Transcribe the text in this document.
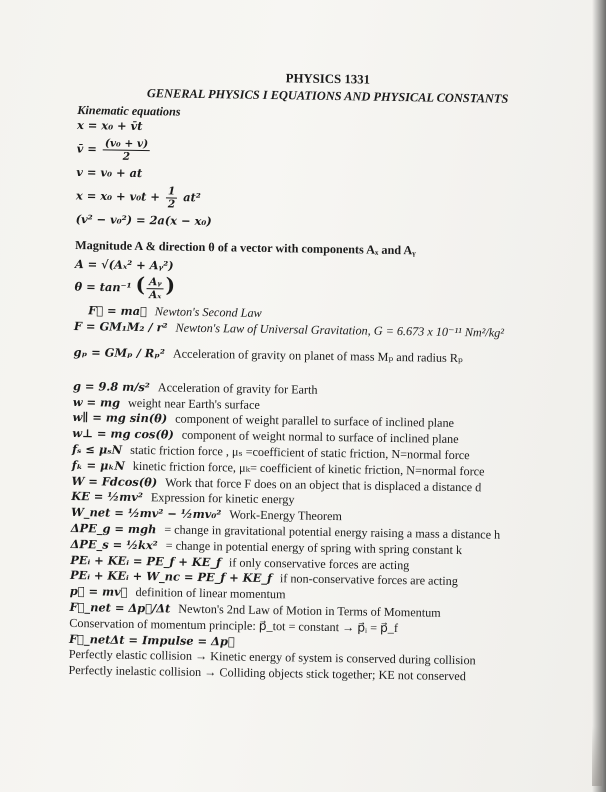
PHYSICS 1331
GENERAL PHYSICS I EQUATIONS AND PHYSICAL CONSTANTS
Kinematic equations
x = x₀ + v̄t
v̄ = $\frac{\text{(v₀ + v)}}{2}$
v = v₀ + at
$x = x_0 + v_0t + \frac{1}{2} at^2$
(v² − v₀²) = 2a(x − x₀)
Magnitude A & direction θ of a vector with components Aₓ and Aᵧ
A = √(Aₓ² + Aᵧ²)
θ = tan⁻¹ ( $\frac{\text{Aᵧ}}{\text{Aₓ}}$ )
F⃗ = ma⃗ Newton's Second Law
F = GM₁M₂ / r² Newton's Law of Universal Gravitation, G = 6.673 x 10⁻¹¹ Nm²/kg²
gₚ = GMₚ / Rₚ² Acceleration of gravity on planet of mass Mₚ and radius Rₚ
g = 9.8 m/s² Acceleration of gravity for Earth
w = mg weight near Earth's surface
w∥ = mg sin(θ) component of weight parallel to surface of inclined plane
w⊥ = mg cos(θ) component of weight normal to surface of inclined plane
fₛ ≤ μₛN static friction force , μₛ =coefficient of static friction, N=normal force
fₖ = μₖN kinetic friction force, μₖ= coefficient of kinetic friction, N=normal force
W = Fdcos(θ) Work that force F does on an object that is displaced a distance d
KE = ½mv² Expression for kinetic energy
W_net = ½mv² − ½mv₀² Work-Energy Theorem
ΔPE_g = mgh = change in gravitational potential energy raising a mass a distance h
ΔPE_s = ½kx² = change in potential energy of spring with spring constant k
PEᵢ + KEᵢ = PE_f + KE_f if only conservative forces are acting
PEᵢ + KEᵢ + W_nc = PE_f + KE_f if non-conservative forces are acting
p⃗ = mv⃗ definition of linear momentum
F⃗_net = Δp⃗/Δt Newton's 2nd Law of Motion in Terms of Momentum
Conservation of momentum principle: p⃗_tot = constant → p⃗ᵢ = p⃗_f
F⃗_netΔt = Impulse = Δp⃗
Perfectly elastic collision → Kinetic energy of system is conserved during collision
Perfectly inelastic collision → Colliding objects stick together; KE not conserved
